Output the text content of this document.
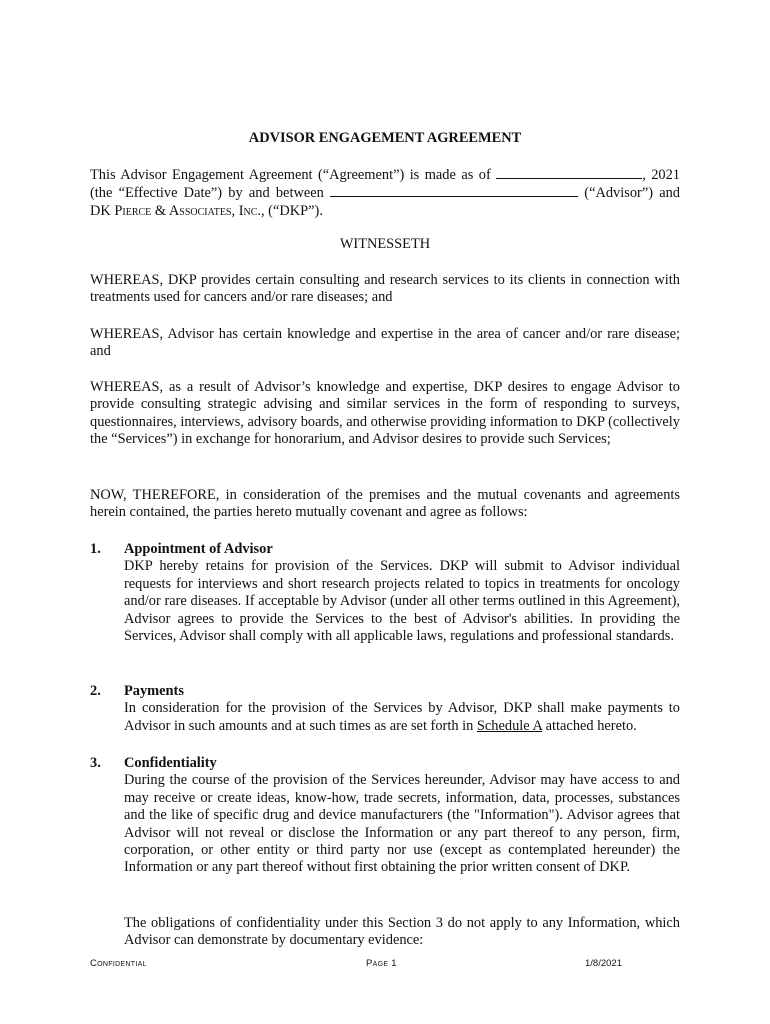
ADVISOR ENGAGEMENT AGREEMENT
This Advisor Engagement Agreement (“Agreement”) is made as of	, 2021
(the “Effective Date”) by and between	(“Advisor”) and
DK Pierce & Associates, Inc., (“DKP”).
WITNESSETH
WHEREAS, DKP provides certain consulting and research services to its clients in connection with treatments used for cancers and/or rare diseases; and
WHEREAS, Advisor has certain knowledge and expertise in the area of cancer and/or rare disease; and
WHEREAS, as a result of Advisor’s knowledge and expertise, DKP desires to engage Advisor to provide consulting strategic advising and similar services in the form of responding to surveys, questionnaires, interviews, advisory boards, and otherwise providing information to DKP (collectively the “Services”) in exchange for honorarium, and Advisor desires to provide such Services;
NOW, THEREFORE, in consideration of the premises and the mutual covenants and agreements herein contained, the parties hereto mutually covenant and agree as follows:
1. Appointment of Advisor
DKP hereby retains for provision of the Services. DKP will submit to Advisor individual requests for interviews and short research projects related to topics in treatments for oncology and/or rare diseases. If acceptable by Advisor (under all other terms outlined in this Agreement), Advisor agrees to provide the Services to the best of Advisor's abilities. In providing the Services, Advisor shall comply with all applicable laws, regulations and professional standards.
2. Payments
In consideration for the provision of the Services by Advisor, DKP shall make payments to Advisor in such amounts and at such times as are set forth in Schedule A attached hereto.
3. Confidentiality
During the course of the provision of the Services hereunder, Advisor may have access to and may receive or create ideas, know-how, trade secrets, information, data, processes, substances and the like of specific drug and device manufacturers (the "Information"). Advisor agrees that Advisor will not reveal or disclose the Information or any part thereof to any person, firm, corporation, or other entity or third party nor use (except as contemplated hereunder) the Information or any part thereof without first obtaining the prior written consent of DKP.
The obligations of confidentiality under this Section 3 do not apply to any Information, which Advisor can demonstrate by documentary evidence:
Confidential	Page 1	1/8/2021
